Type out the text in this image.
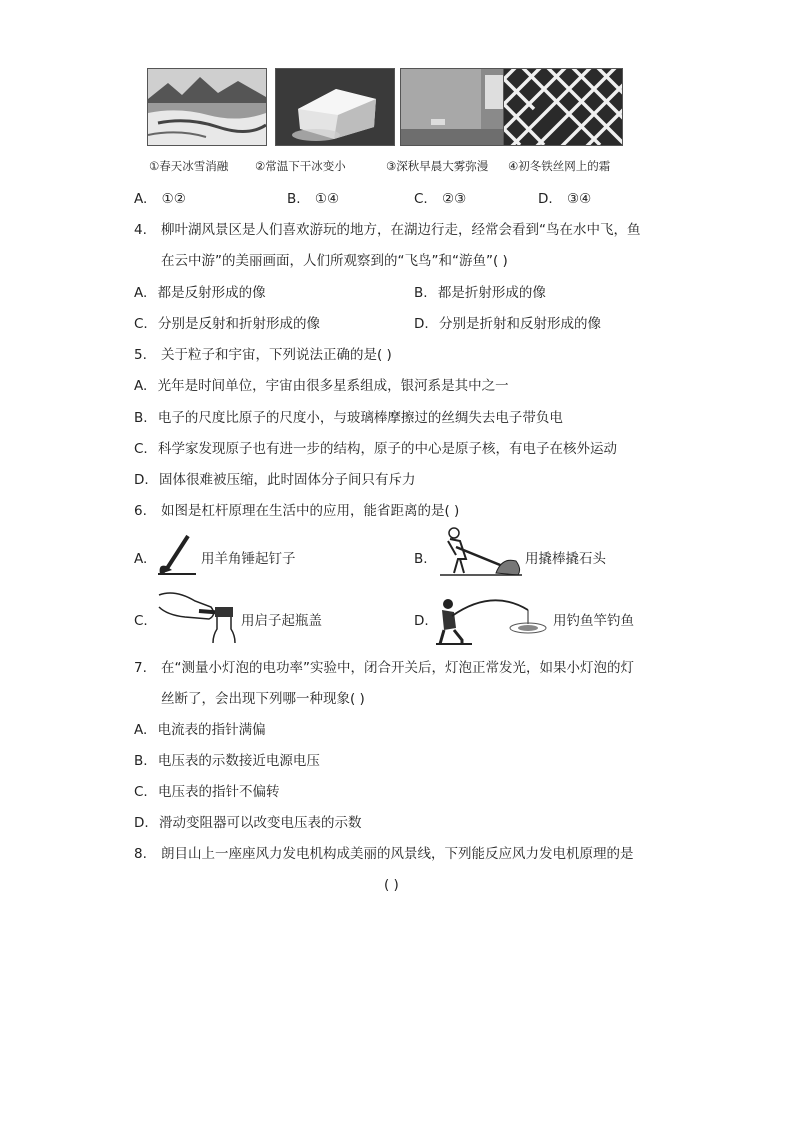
①春天冰雪消融 ②常温下干冰变小	③深秋早晨大雾弥漫 ④初冬铁丝网上的霜
A. ①②	B. ①④	C. ②③	D. ③④
4. 柳叶湖风景区是人们喜欢游玩的地方，在湖边行走，经常会看到“鸟在水中飞，鱼
在云中游”的美丽画面，人们所观察到的“飞鸟”和“游鱼”( )
A. 都是反射形成的像	B. 都是折射形成的像
C. 分别是反射和折射形成的像	D. 分别是折射和反射形成的像
5. 关于粒子和宇宙，下列说法正确的是( )
A. 光年是时间单位，宇宙由很多星系组成，银河系是其中之一
B. 电子的尺度比原子的尺度小，与玻璃棒摩擦过的丝绸失去电子带负电
C. 科学家发现原子也有进一步的结构，原子的中心是原子核，有电子在核外运动
D. 固体很难被压缩，此时固体分子间只有斥力
6. 如图是杠杆原理在生活中的应用，能省距离的是( )
A.	用羊角锤起钉子	B.	用撬棒撬石头
C.	用启子起瓶盖	D.	用钓鱼竿钓鱼
7. 在“测量小灯泡的电功率”实验中，闭合开关后，灯泡正常发光，如果小灯泡的灯
丝断了，会出现下列哪一种现象( )
A. 电流表的指针满偏
B. 电压表的示数接近电源电压
C. 电压表的指针不偏转
D. 滑动变阻器可以改变电压表的示数
8. 朗目山上一座座风力发电机构成美丽的风景线，下列能反应风力发电机原理的是
( )
